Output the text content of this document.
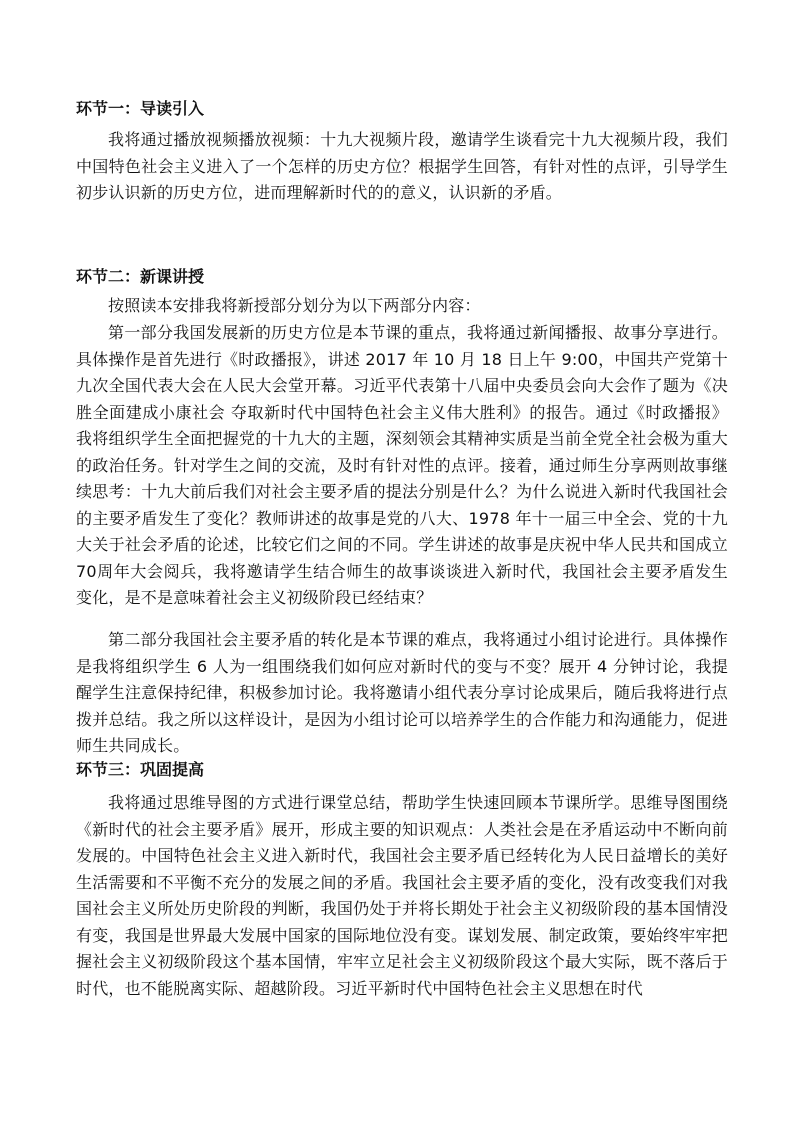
环节一：导读引入
我将通过播放视频播放视频：十九大视频片段，邀请学生谈看完十九大视频片段，我们中国特色社会主义进入了一个怎样的历史方位？根据学生回答，有针对性的点评，引导学生初步认识新的历史方位，进而理解新时代的的意义，认识新的矛盾。
环节二：新课讲授
按照读本安排我将新授部分划分为以下两部分内容：
第一部分我国发展新的历史方位是本节课的重点，我将通过新闻播报、故事分享进行。具体操作是首先进行《时政播报》，讲述 2017 年 10 月 18 日上午 9:00，中国共产党第十九次全国代表大会在人民大会堂开幕。习近平代表第十八届中央委员会向大会作了题为《决胜全面建成小康社会 夺取新时代中国特色社会主义伟大胜利》的报告。通过《时政播报》我将组织学生全面把握党的十九大的主题，深刻领会其精神实质是当前全党全社会极为重大的政治任务。针对学生之间的交流，及时有针对性的点评。接着，通过师生分享两则故事继续思考：十九大前后我们对社会主要矛盾的提法分别是什么？为什么说进入新时代我国社会的主要矛盾发生了变化？教师讲述的故事是党的八大、1978 年十一届三中全会、党的十九大关于社会矛盾的论述，比较它们之间的不同。学生讲述的故事是庆祝中华人民共和国成立70周年大会阅兵，我将邀请学生结合师生的故事谈谈进入新时代，我国社会主要矛盾发生变化，是不是意味着社会主义初级阶段已经结束？
第二部分我国社会主要矛盾的转化是本节课的难点，我将通过小组讨论进行。具体操作是我将组织学生 6 人为一组围绕我们如何应对新时代的变与不变？展开 4 分钟讨论，我提醒学生注意保持纪律，积极参加讨论。我将邀请小组代表分享讨论成果后，随后我将进行点拨并总结。我之所以这样设计，是因为小组讨论可以培养学生的合作能力和沟通能力，促进师生共同成长。
环节三：巩固提高
我将通过思维导图的方式进行课堂总结，帮助学生快速回顾本节课所学。思维导图围绕《新时代的社会主要矛盾》展开，形成主要的知识观点：人类社会是在矛盾运动中不断向前发展的。中国特色社会主义进入新时代，我国社会主要矛盾已经转化为人民日益增长的美好生活需要和不平衡不充分的发展之间的矛盾。我国社会主要矛盾的变化，没有改变我们对我国社会主义所处历史阶段的判断，我国仍处于并将长期处于社会主义初级阶段的基本国情没有变，我国是世界最大发展中国家的国际地位没有变。谋划发展、制定政策，要始终牢牢把握社会主义初级阶段这个基本国情，牢牢立足社会主义初级阶段这个最大实际，既不落后于时代，也不能脱离实际、超越阶段。习近平新时代中国特色社会主义思想在时代
